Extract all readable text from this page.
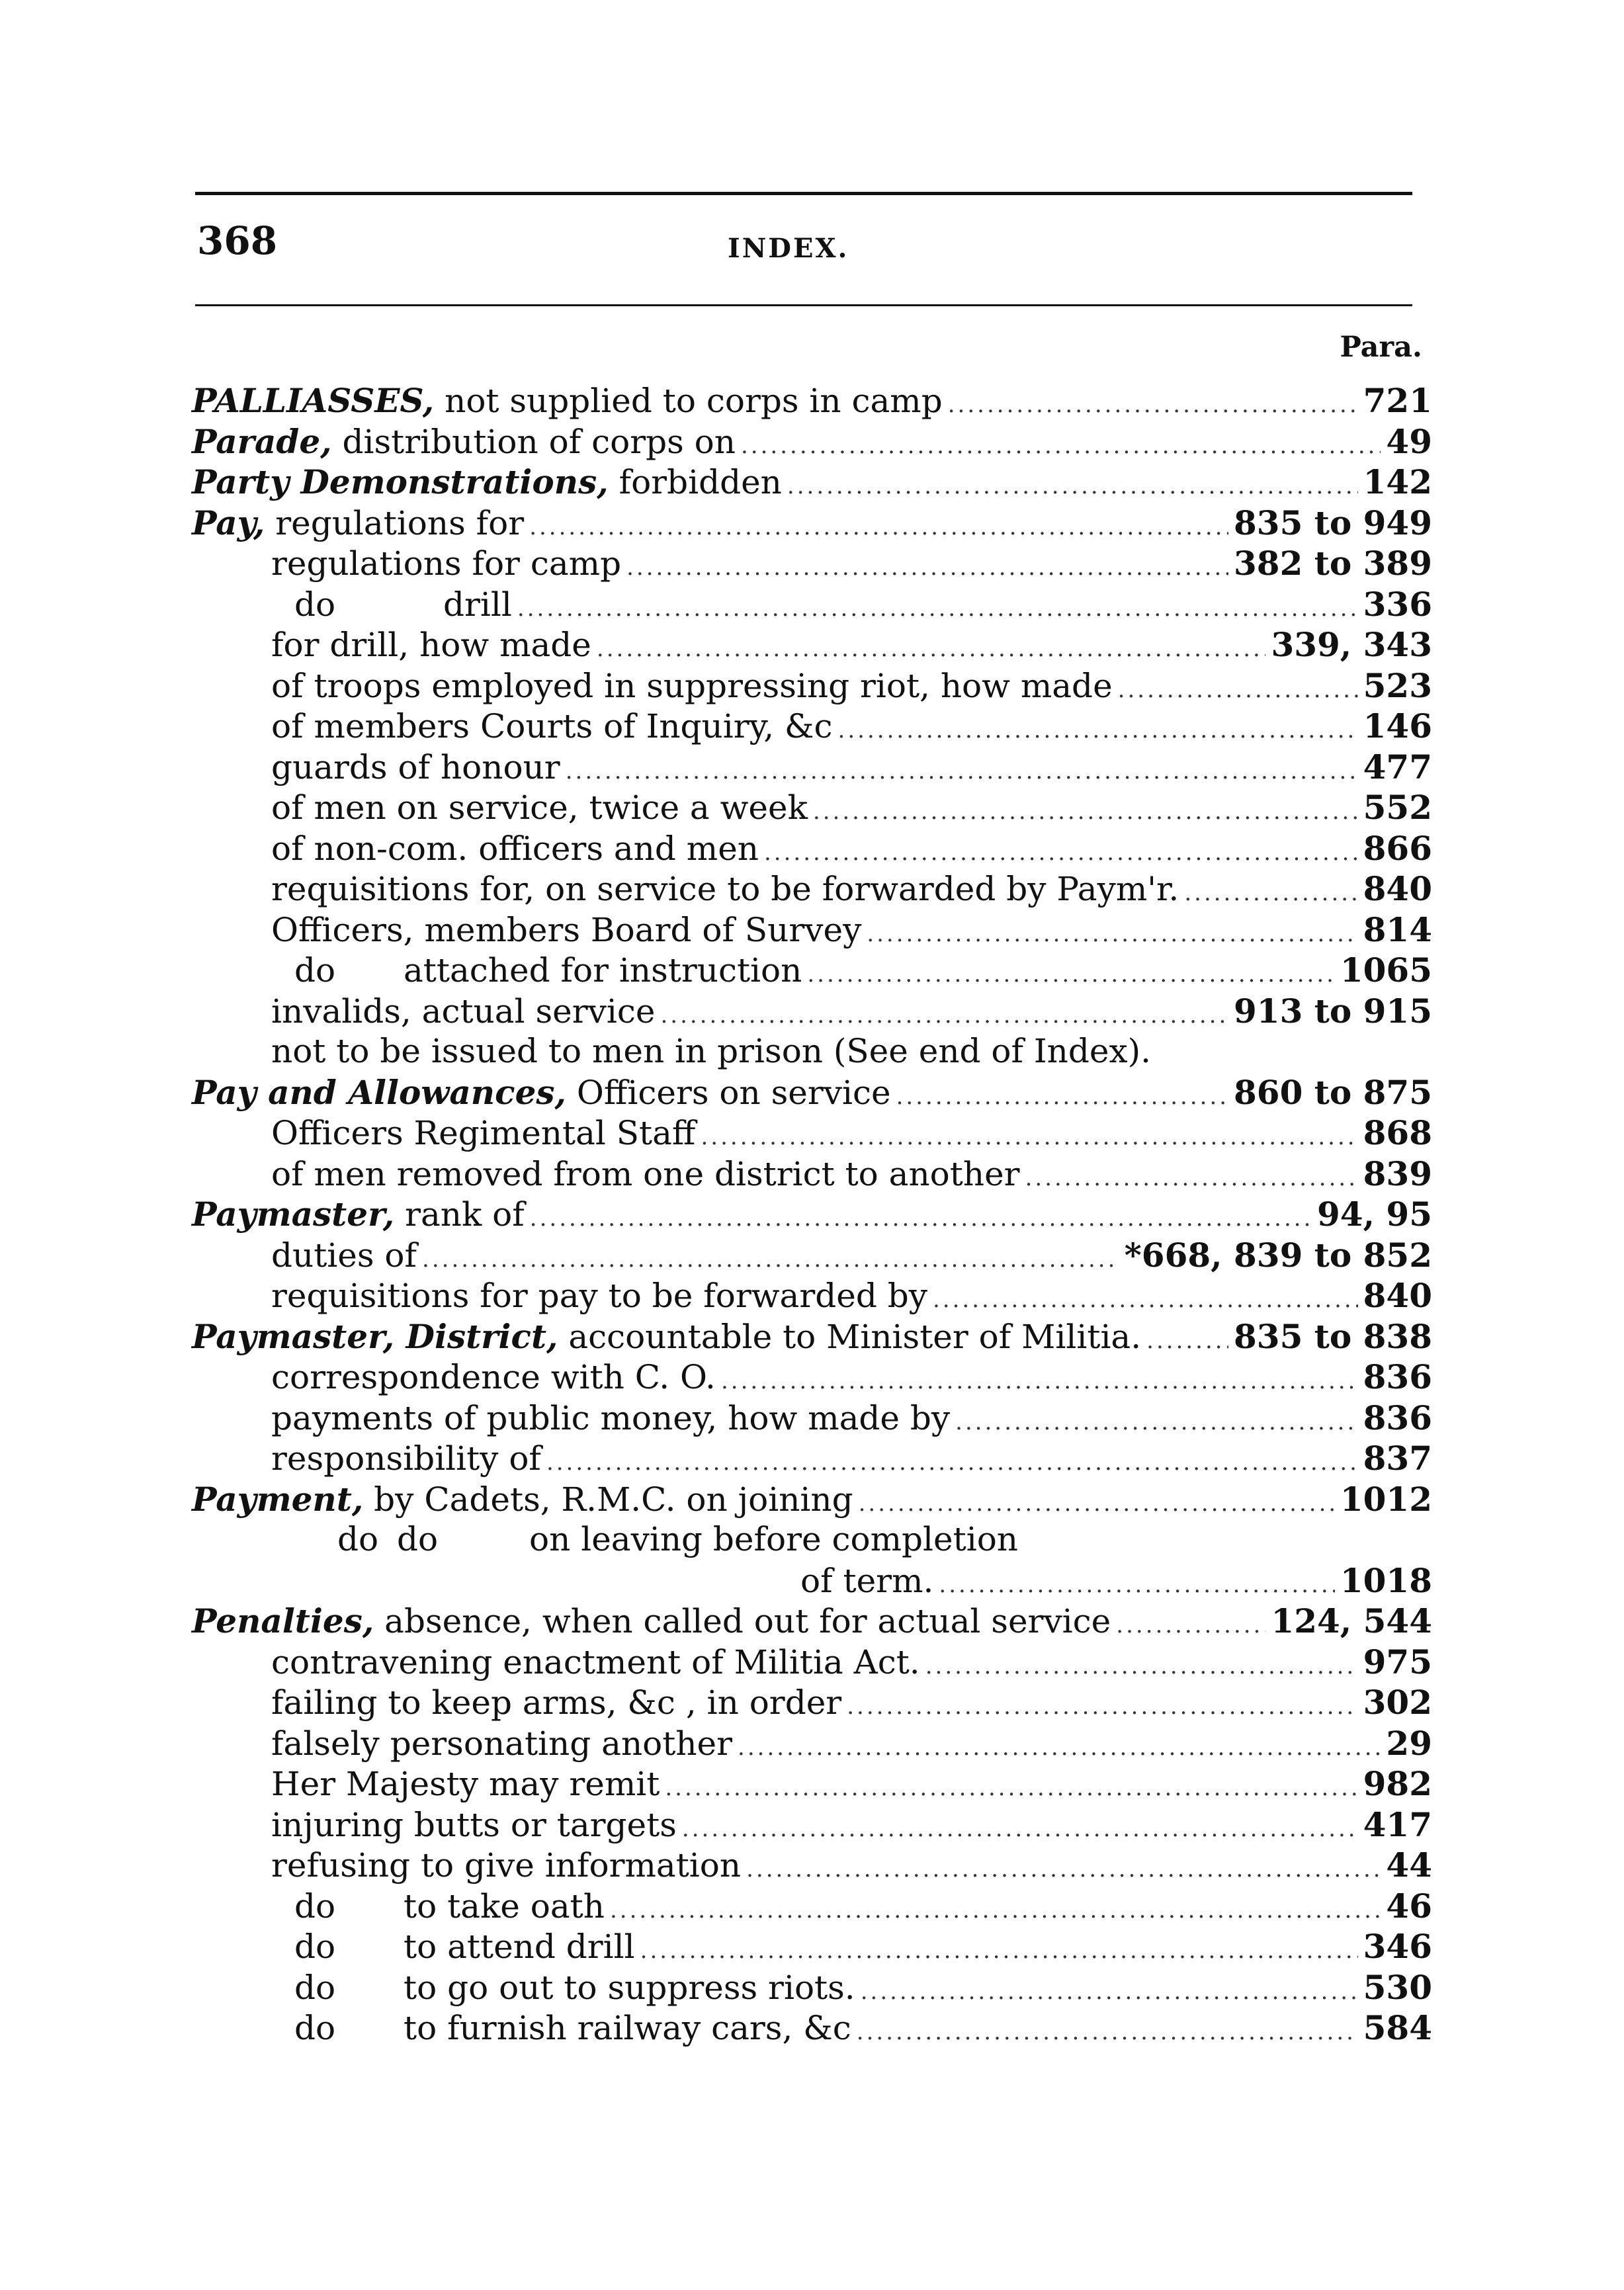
368	INDEX.
Para.
PALLIASSES, not supplied to corps in camp .....	721
Parade, distribution of corps on .....	49
Party Demonstrations, forbidden .....	142
Pay, regulations for .....	835 to 949
regulations for camp .....	382 to 389
do	drill .....	336
for drill, how made .....	339, 343
of troops employed in suppressing riot, how made .....	523
of members Courts of Inquiry, &c .....	146
guards of honour .....	477
of men on service, twice a week .....	552
of non-com. officers and men .....	866
requisitions for, on service to be forwarded by Paym'r. .....	840
Officers, members Board of Survey .....	814
do attached for instruction .....	1065
invalids, actual service .....	913 to 915
not to be issued to men in prison (See end of Index).
Pay and Allowances, Officers on service .....	860 to 875
Officers Regimental Staff .....	868
of men removed from one district to another .....	839
Paymaster, rank of .....	94, 95
duties of .....	*668, 839 to 852
requisitions for pay to be forwarded by .....	840
Paymaster, District, accountable to Minister of Militia. .....	835 to 838
correspondence with C. O. .....	836
payments of public money, how made by .....	836
responsibility of .....	837
Payment, by Cadets, R.M.C. on joining .....	1012
do do	on leaving before completion
of term. .....	1018
Penalties, absence, when called out for actual service .....	124, 544
contravening enactment of Militia Act. .....	975
failing to keep arms, &c , in order .....	302
falsely personating another .....	29
Her Majesty may remit .....	982
injuring butts or targets .....	417
refusing to give information .....	44
do to take oath .....	46
do to attend drill .....	346
do to go out to suppress riots. .....	530
do to furnish railway cars, &c .....	584
